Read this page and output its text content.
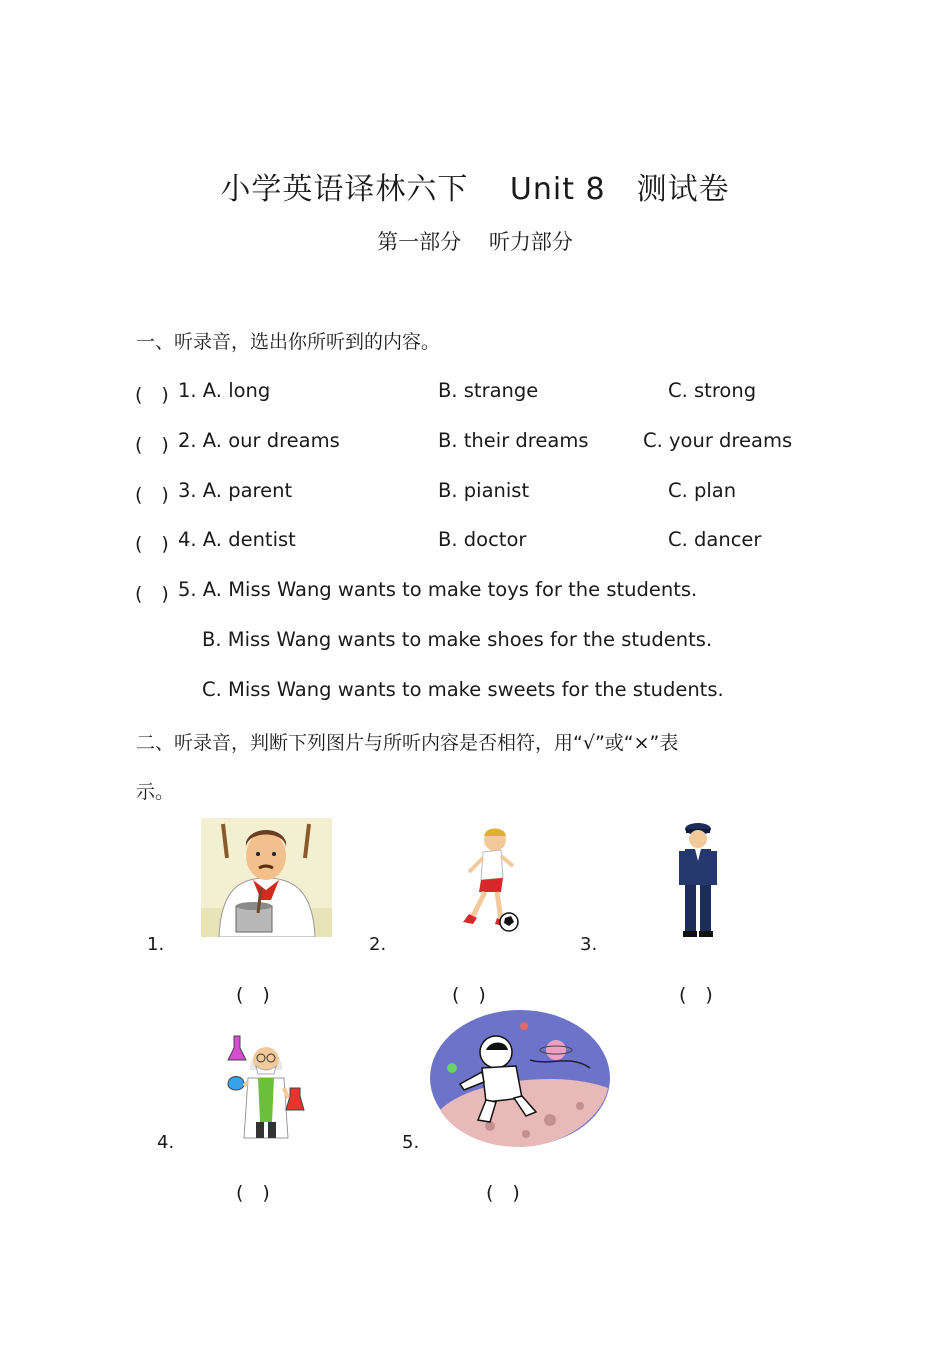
小学英语译林六下　 Unit 8　测试卷
第一部分　 听力部分
一、听录音，选出你所听到的内容。
(　) 1. A. long	B. strange	C. strong
(　) 2. A. our dreams	B. their dreams	C. your dreams
(　) 3. A. parent	B. pianist	C. plan
(　) 4. A. dentist	B. doctor	C. dancer
(　) 5. A. Miss Wang wants to make toys for the students.
B. Miss Wang wants to make shoes for the students.
C. Miss Wang wants to make sweets for the students.
二、听录音，判断下列图片与所听内容是否相符，用“√”或“×”表
示。
1.
(　)
2.
(　)
3.
(　)
4.
(　)
5.
(　)
